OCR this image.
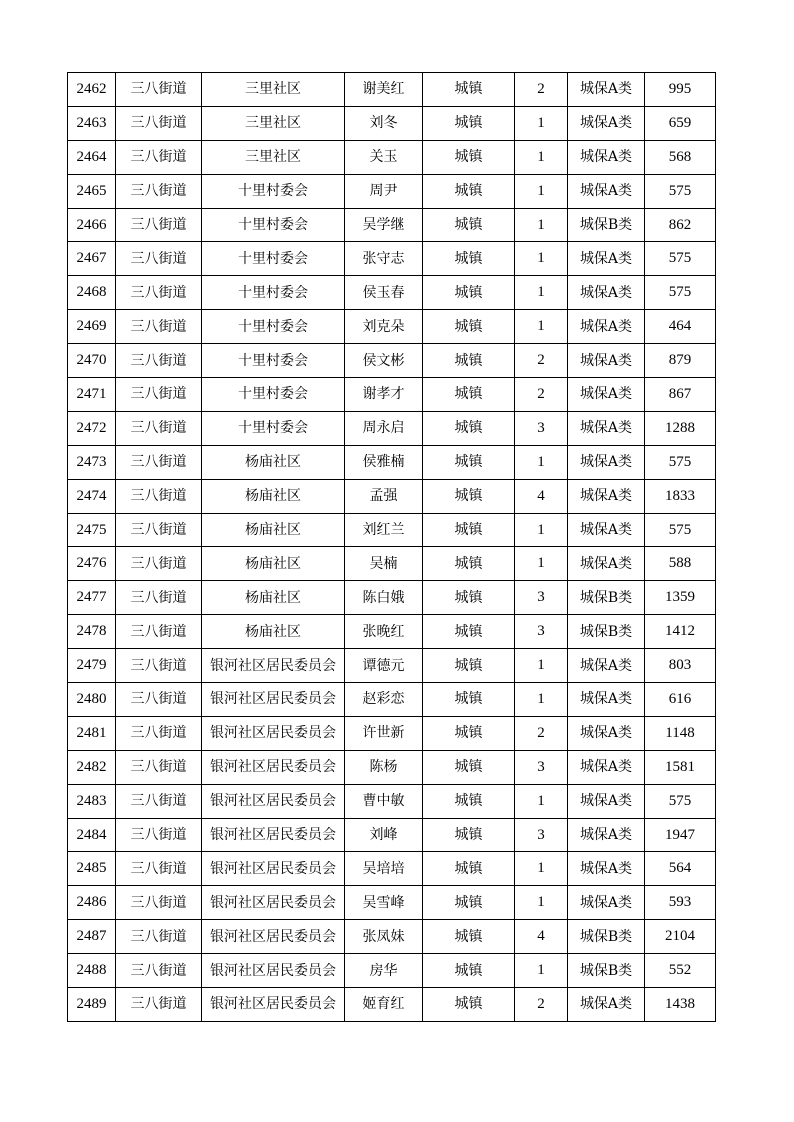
2462	三八街道	三里社区	谢美红	城镇	2	城保A类	995
2463	三八街道	三里社区	刘冬	城镇	1	城保A类	659
2464	三八街道	三里社区	关玉	城镇	1	城保A类	568
2465	三八街道	十里村委会	周尹	城镇	1	城保A类	575
2466	三八街道	十里村委会	吴学继	城镇	1	城保B类	862
2467	三八街道	十里村委会	张守志	城镇	1	城保A类	575
2468	三八街道	十里村委会	侯玉春	城镇	1	城保A类	575
2469	三八街道	十里村委会	刘克朵	城镇	1	城保A类	464
2470	三八街道	十里村委会	侯文彬	城镇	2	城保A类	879
2471	三八街道	十里村委会	谢孝才	城镇	2	城保A类	867
2472	三八街道	十里村委会	周永启	城镇	3	城保A类	1288
2473	三八街道	杨庙社区	侯雅楠	城镇	1	城保A类	575
2474	三八街道	杨庙社区	孟强	城镇	4	城保A类	1833
2475	三八街道	杨庙社区	刘红兰	城镇	1	城保A类	575
2476	三八街道	杨庙社区	吴楠	城镇	1	城保A类	588
2477	三八街道	杨庙社区	陈白娥	城镇	3	城保B类	1359
2478	三八街道	杨庙社区	张晚红	城镇	3	城保B类	1412
2479	三八街道	银河社区居民委员会	谭德元	城镇	1	城保A类	803
2480	三八街道	银河社区居民委员会	赵彩恋	城镇	1	城保A类	616
2481	三八街道	银河社区居民委员会	许世新	城镇	2	城保A类	1148
2482	三八街道	银河社区居民委员会	陈杨	城镇	3	城保A类	1581
2483	三八街道	银河社区居民委员会	曹中敏	城镇	1	城保A类	575
2484	三八街道	银河社区居民委员会	刘峰	城镇	3	城保A类	1947
2485	三八街道	银河社区居民委员会	吴培培	城镇	1	城保A类	564
2486	三八街道	银河社区居民委员会	吴雪峰	城镇	1	城保A类	593
2487	三八街道	银河社区居民委员会	张凤妹	城镇	4	城保B类	2104
2488	三八街道	银河社区居民委员会	房华	城镇	1	城保B类	552
2489	三八街道	银河社区居民委员会	姬育红	城镇	2	城保A类	1438
